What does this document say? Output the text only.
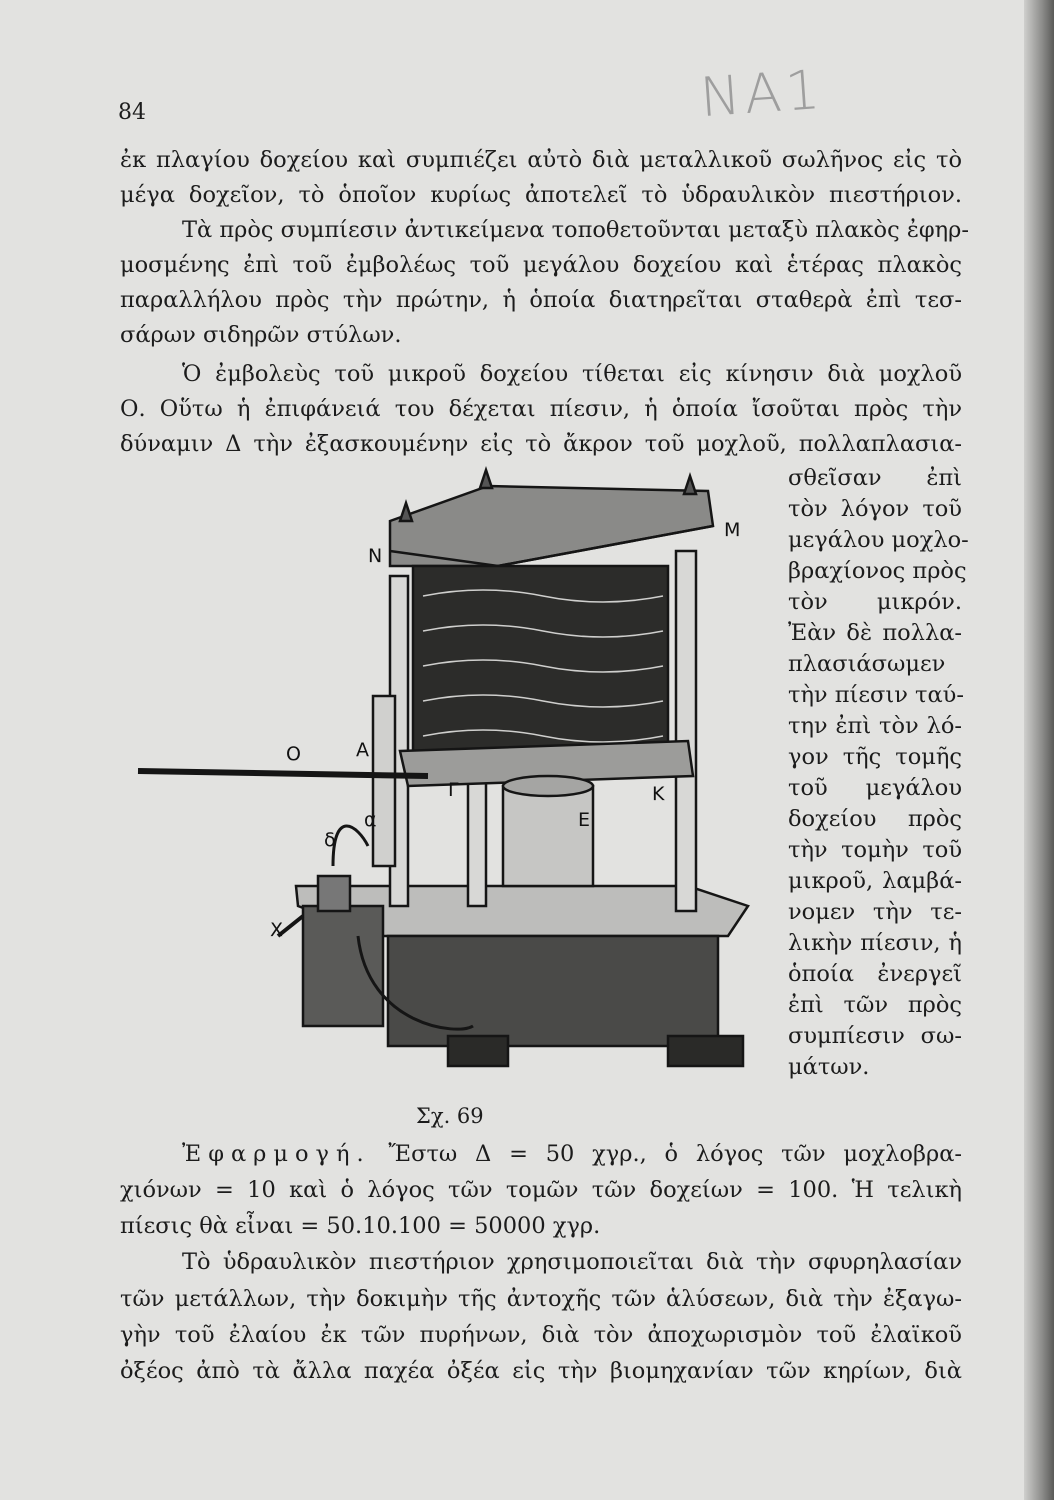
84	NA1
ἐκ πλαγίου δοχείου καὶ συμπιέζει αὐτὸ διὰ μεταλλικοῦ σωλῆνος εἰς τὸ
μέγα δοχεῖον, τὸ ὁποῖον κυρίως ἀποτελεῖ τὸ ὑδραυλικὸν πιεστήριον.
Τὰ πρὸς συμπίεσιν ἀντικείμενα τοποθετοῦνται μεταξὺ πλακὸς ἐφηρ-
μοσμένης ἐπὶ τοῦ ἐμβολέως τοῦ μεγάλου δοχείου καὶ ἑτέρας πλακὸς
παραλλήλου πρὸς τὴν πρώτην, ἡ ὁποία διατηρεῖται σταθερὰ ἐπὶ τεσ-
σάρων σιδηρῶν στύλων.
Ὁ ἐμβολεὺς τοῦ μικροῦ δοχείου τίθεται εἰς κίνησιν διὰ μοχλοῦ
Ο. Οὕτω ἡ ἐπιφάνειά του δέχεται πίεσιν, ἡ ὁποία ἴσοῦται πρὸς τὴν
δύναμιν Δ τὴν ἐξασκουμένην εἰς τὸ ἄκρον τοῦ μοχλοῦ, πολλαπλασια-
σθεῖσαν ἐπὶ
τὸν λόγον τοῦ
μεγάλου μοχλο-
βραχίονος πρὸς
τὸν μικρόν.
Ἐὰν δὲ πολλα-
πλασιάσωμεν
τὴν πίεσιν ταύ-
την ἐπὶ τὸν λό-
γον τῆς τομῆς
τοῦ μεγάλου
δοχείου πρὸς
τὴν τομὴν τοῦ
μικροῦ, λαμβά-
νομεν τὴν τε-
λικὴν πίεσιν, ἡ
ὁποία ἐνεργεῖ
ἐπὶ τῶν πρὸς
συμπίεσιν σω-
μάτων.
Ν
Μ
Ο	Α
Γ	Κ
Ε
α
δ
Χ
Σχ. 69
Ἐφαρμογή. Ἔστω Δ = 50 χγρ., ὁ λόγος τῶν μοχλοβρα-
χιόνων = 10 καὶ ὁ λόγος τῶν τομῶν τῶν δοχείων = 100. Ἡ τελικὴ
πίεσις θὰ εἶναι = 50.10.100 = 50000 χγρ.
Τὸ ὑδραυλικὸν πιεστήριον χρησιμοποιεῖται διὰ τὴν σφυρηλασίαν
τῶν μετάλλων, τὴν δοκιμὴν τῆς ἀντοχῆς τῶν ἁλύσεων, διὰ τὴν ἐξαγω-
γὴν τοῦ ἐλαίου ἐκ τῶν πυρήνων, διὰ τὸν ἀποχωρισμὸν τοῦ ἐλαϊκοῦ
ὀξέος ἀπὸ τὰ ἄλλα παχέα ὀξέα εἰς τὴν βιομηχανίαν τῶν κηρίων, διὰ
